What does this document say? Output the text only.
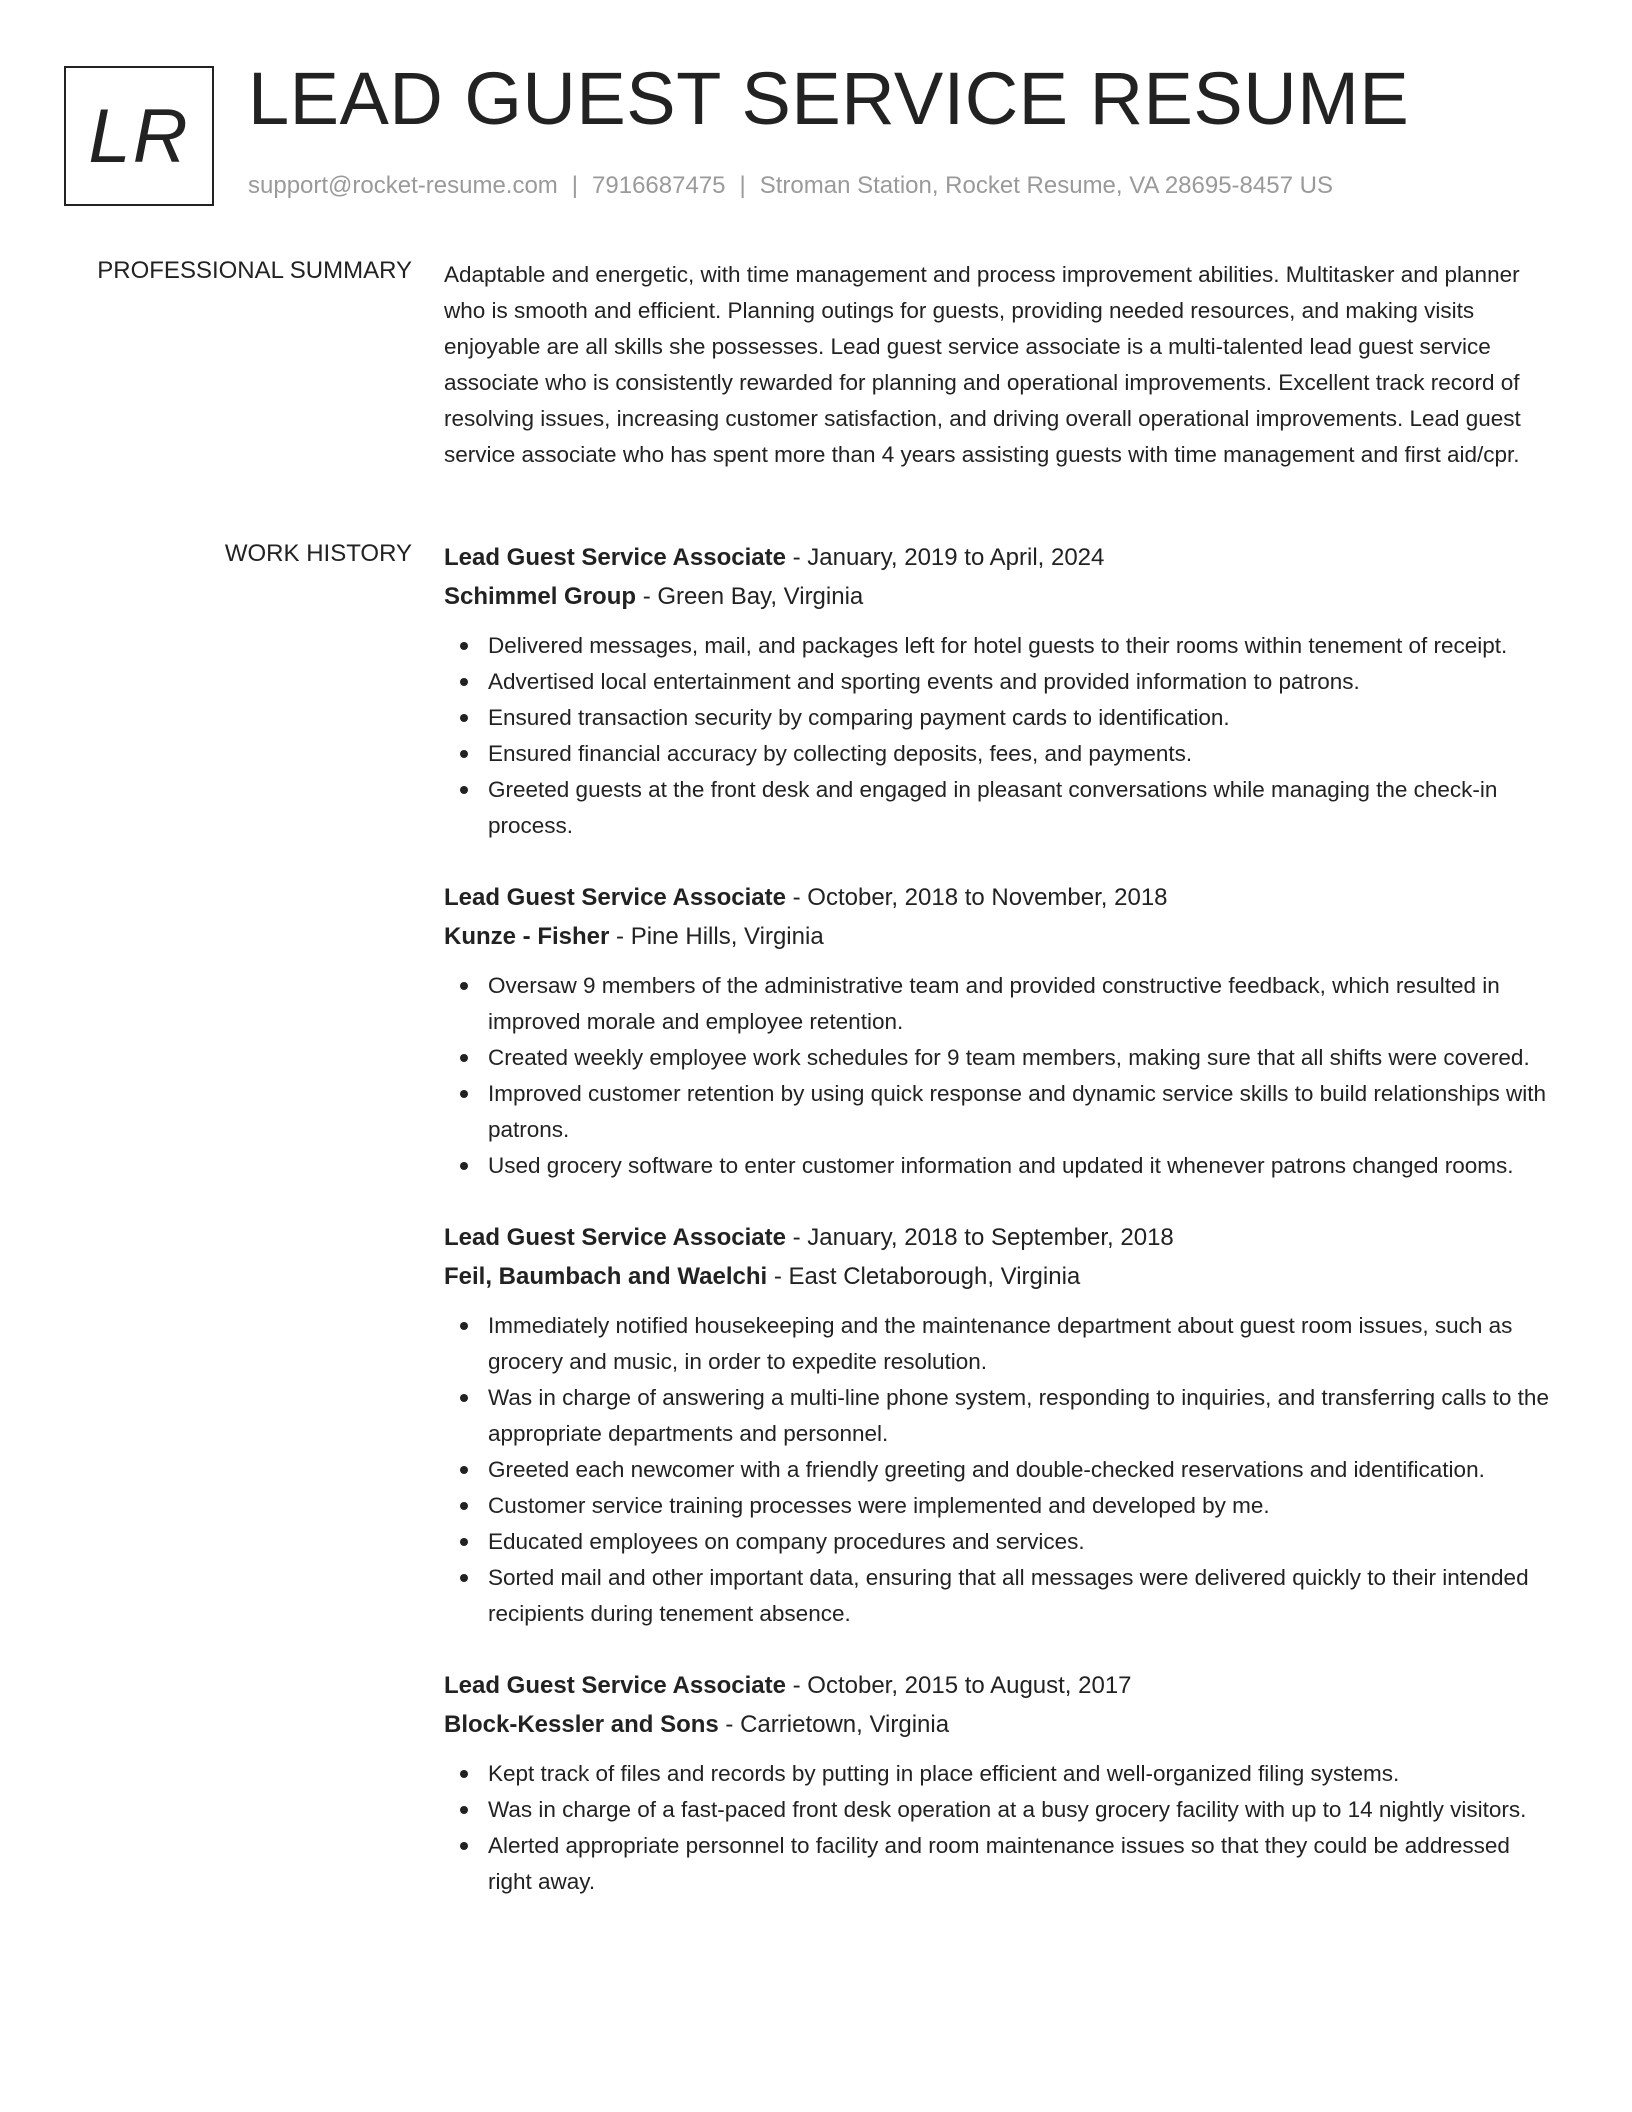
LR LEAD GUEST SERVICE RESUME
support@rocket-resume.com | 7916687475 | Stroman Station, Rocket Resume, VA 28695-8457 US
PROFESSIONAL SUMMARY Adaptable and energetic, with time management and process improvement abilities. Multitasker and planner who is smooth and efficient. Planning outings for guests, providing needed resources, and making visits enjoyable are all skills she possesses. Lead guest service associate is a multi-talented lead guest service associate who is consistently rewarded for planning and operational improvements. Excellent track record of resolving issues, increasing customer satisfaction, and driving overall operational improvements. Lead guest service associate who has spent more than 4 years assisting guests with time management and first aid/cpr.

WORK HISTORY Lead Guest Service Associate - January, 2019 to April, 2024
Schimmel Group - Green Bay, Virginia
Delivered messages, mail, and packages left for hotel guests to their rooms within tenement of receipt.
Advertised local entertainment and sporting events and provided information to patrons.
Ensured transaction security by comparing payment cards to identification.
Ensured financial accuracy by collecting deposits, fees, and payments.
Greeted guests at the front desk and engaged in pleasant conversations while managing the check-in process.
Lead Guest Service Associate - October, 2018 to November, 2018
Kunze - Fisher - Pine Hills, Virginia
Oversaw 9 members of the administrative team and provided constructive feedback, which resulted in improved morale and employee retention.
Created weekly employee work schedules for 9 team members, making sure that all shifts were covered.
Improved customer retention by using quick response and dynamic service skills to build relationships with patrons.
Used grocery software to enter customer information and updated it whenever patrons changed rooms.
Lead Guest Service Associate - January, 2018 to September, 2018
Feil, Baumbach and Waelchi - East Cletaborough, Virginia
Immediately notified housekeeping and the maintenance department about guest room issues, such as grocery and music, in order to expedite resolution.
Was in charge of answering a multi-line phone system, responding to inquiries, and transferring calls to the appropriate departments and personnel.
Greeted each newcomer with a friendly greeting and double-checked reservations and identification.
Customer service training processes were implemented and developed by me.
Educated employees on company procedures and services.
Sorted mail and other important data, ensuring that all messages were delivered quickly to their intended recipients during tenement absence.
Lead Guest Service Associate - October, 2015 to August, 2017
Block-Kessler and Sons - Carrietown, Virginia
Kept track of files and records by putting in place efficient and well-organized filing systems.
Was in charge of a fast-paced front desk operation at a busy grocery facility with up to 14 nightly visitors.
Alerted appropriate personnel to facility and room maintenance issues so that they could be addressed right away.
